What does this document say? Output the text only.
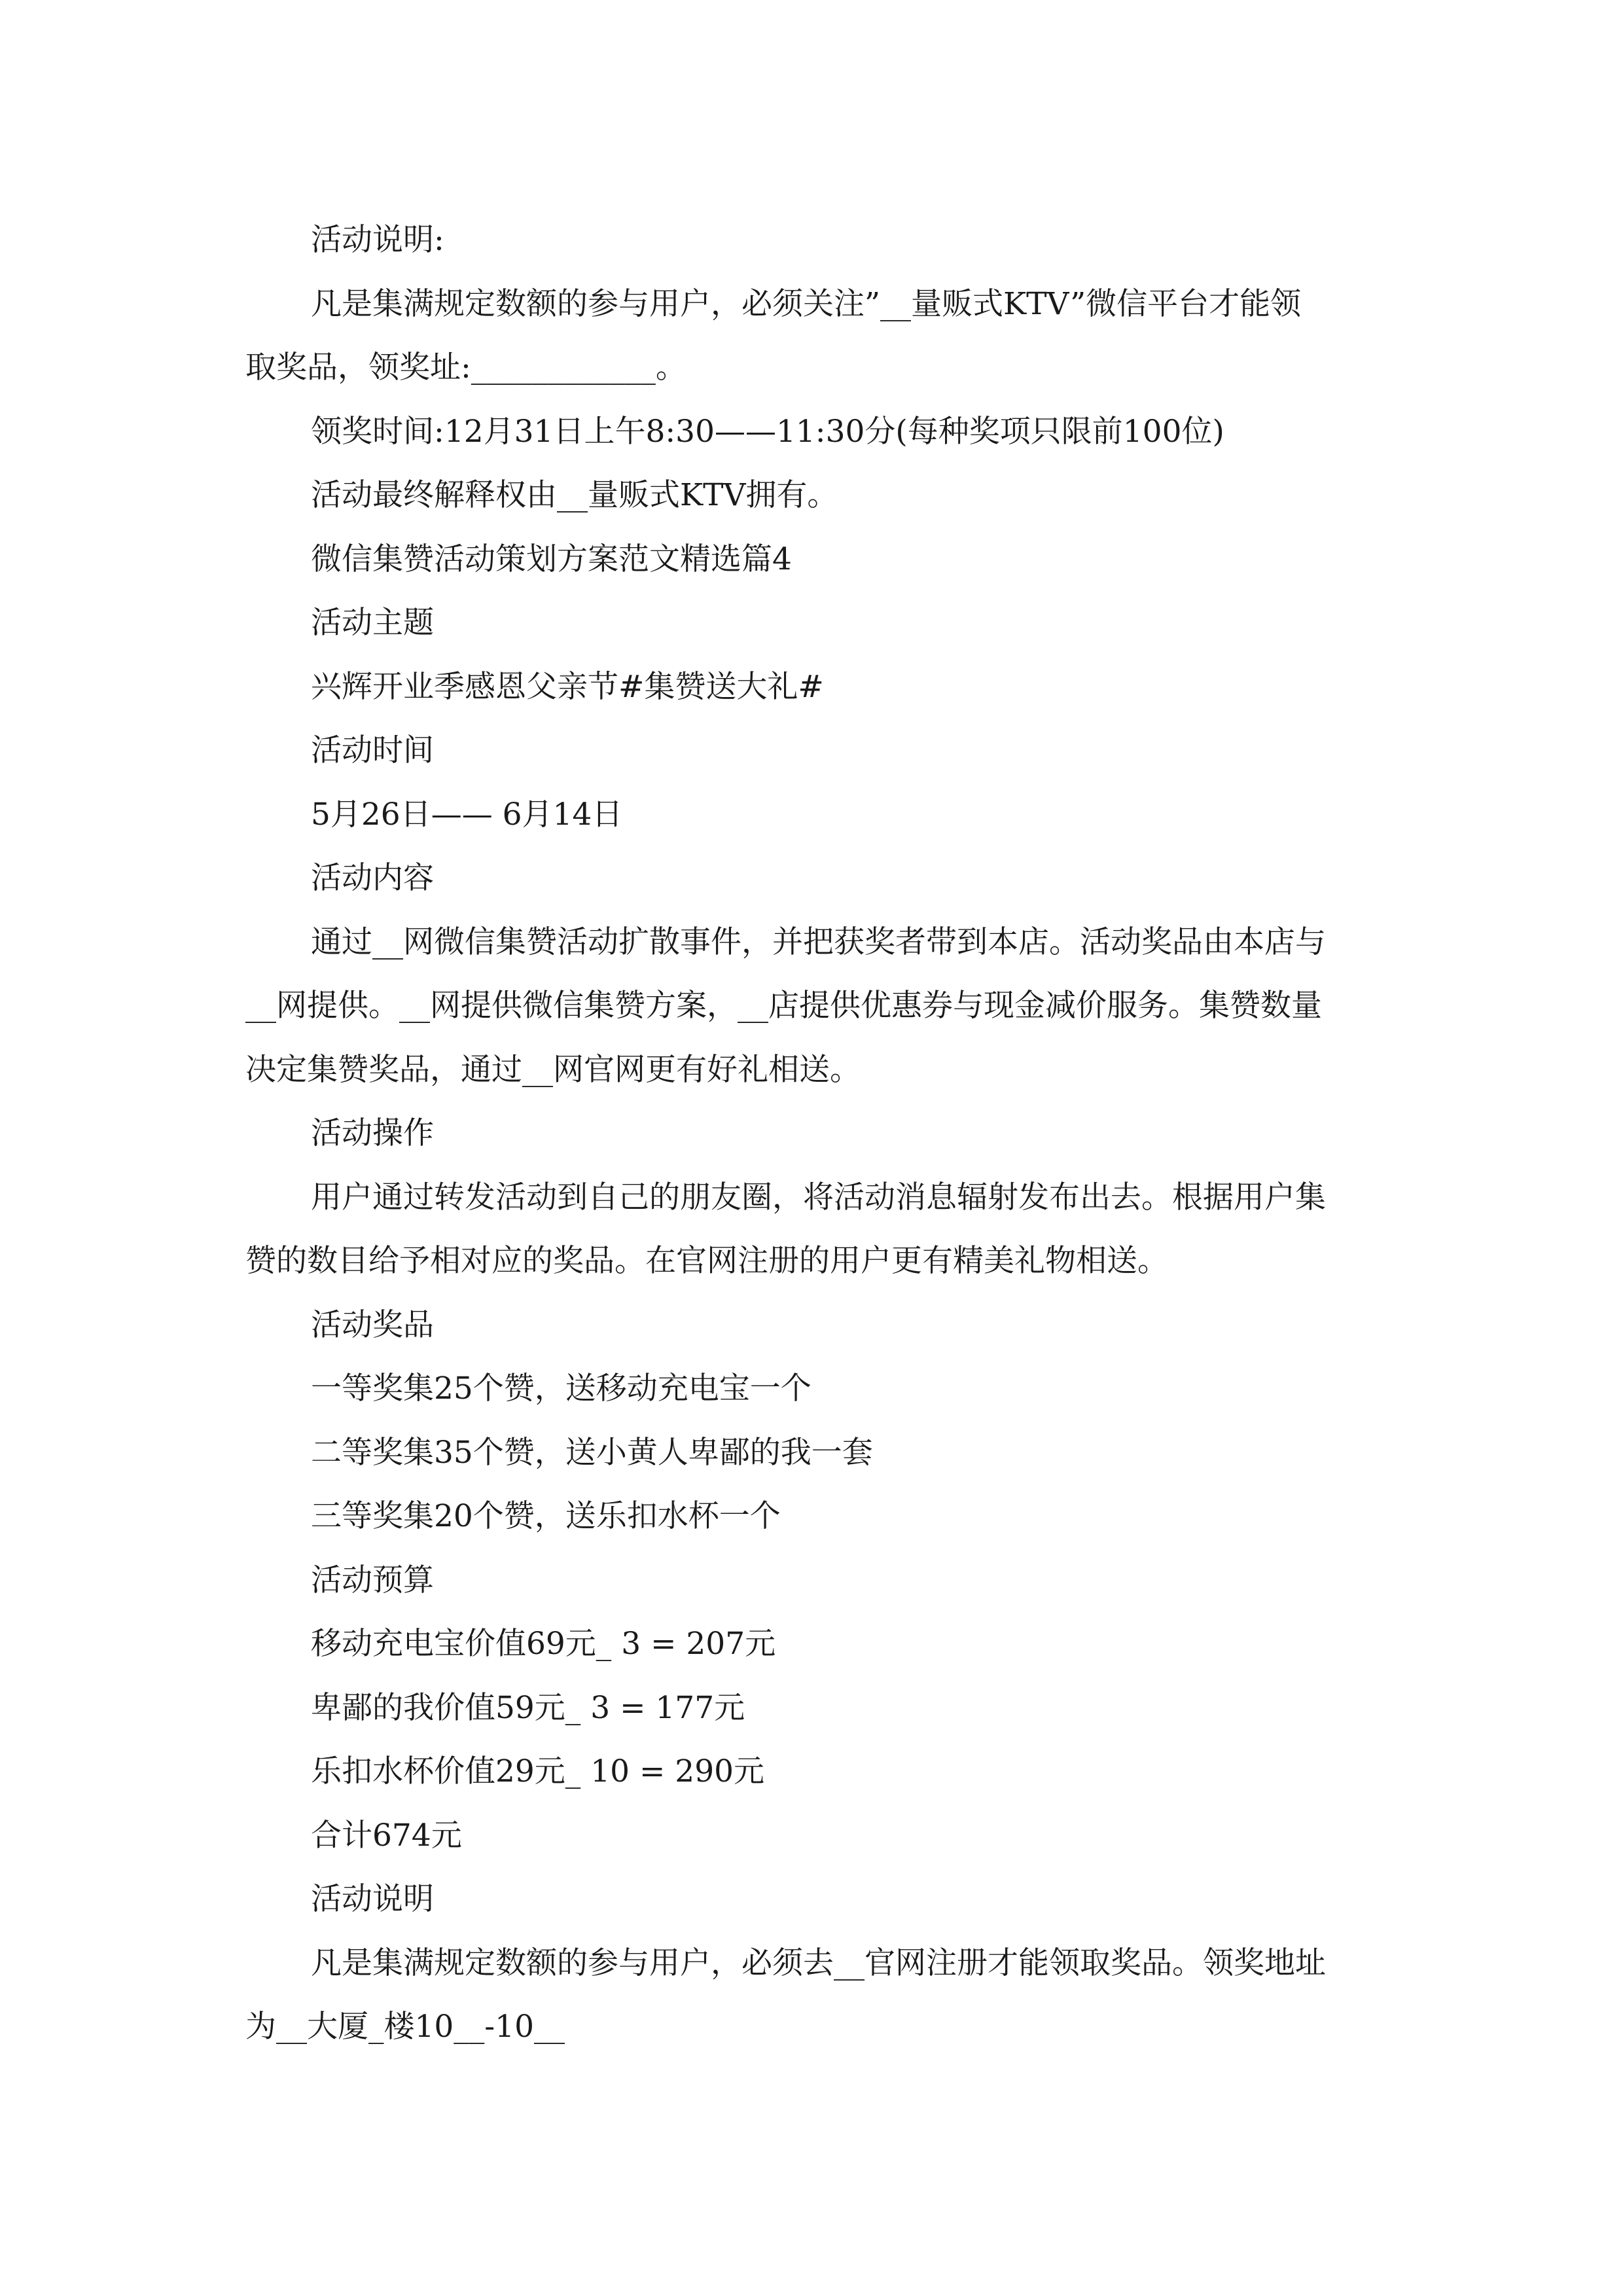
活动说明:
凡是集满规定数额的参与用户，必须关注”__量贩式KTV”微信平台才能领
取奖品，领奖址:____________。
领奖时间:12月31日上午8:30——11:30分(每种奖项只限前100位)
活动最终解释权由__量贩式KTV拥有。
微信集赞活动策划方案范文精选篇4
活动主题
兴辉开业季感恩父亲节#集赞送大礼#
活动时间
5月26日—— 6月14日
活动内容
通过__网微信集赞活动扩散事件，并把获奖者带到本店。活动奖品由本店与
__网提供。__网提供微信集赞方案，__店提供优惠券与现金减价服务。集赞数量
决定集赞奖品，通过__网官网更有好礼相送。
活动操作
用户通过转发活动到自己的朋友圈，将活动消息辐射发布出去。根据用户集
赞的数目给予相对应的奖品。在官网注册的用户更有精美礼物相送。
活动奖品
一等奖集25个赞，送移动充电宝一个
二等奖集35个赞，送小黄人卑鄙的我一套
三等奖集20个赞，送乐扣水杯一个
活动预算
移动充电宝价值69元_ 3 = 207元
卑鄙的我价值59元_ 3 = 177元
乐扣水杯价值29元_ 10 = 290元
合计674元
活动说明
凡是集满规定数额的参与用户，必须去__官网注册才能领取奖品。领奖地址
为__大厦_楼10__-10__
